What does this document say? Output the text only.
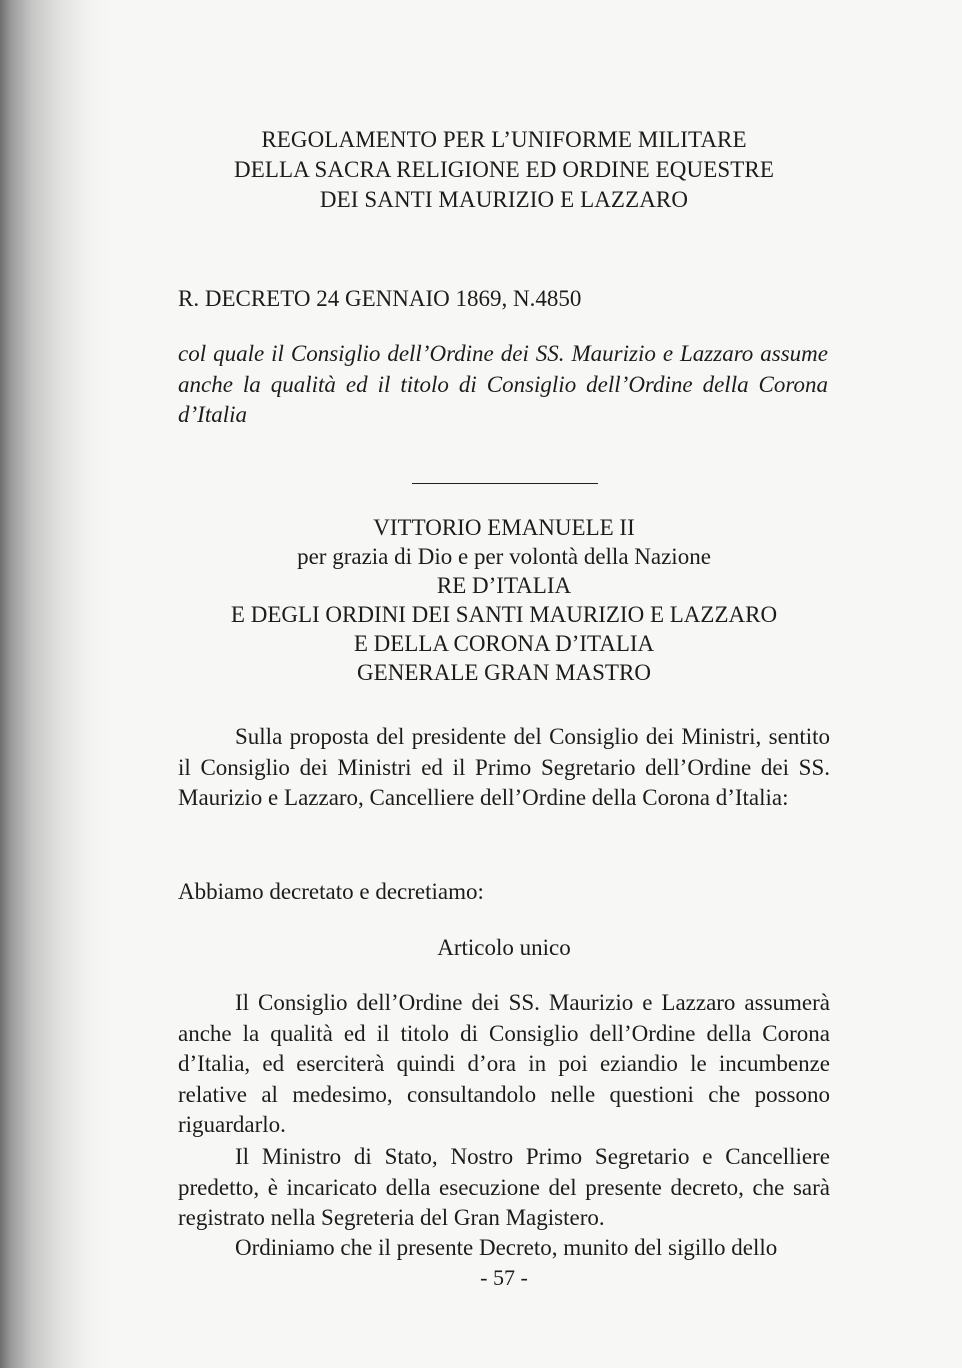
REGOLAMENTO PER L’UNIFORME MILITARE
DELLA SACRA RELIGIONE ED ORDINE EQUESTRE
DEI SANTI MAURIZIO E LAZZARO
R. DECRETO 24 GENNAIO 1869, N.4850
col quale il Consiglio dell’Ordine dei SS. Maurizio e Lazzaro assume anche la qualità ed il titolo di Consiglio dell’Ordine della Corona d’Italia
VITTORIO EMANUELE II
per grazia di Dio e per volontà della Nazione
RE D’ITALIA
E DEGLI ORDINI DEI SANTI MAURIZIO E LAZZARO
E DELLA CORONA D’ITALIA
GENERALE GRAN MASTRO
Sulla proposta del presidente del Consiglio dei Ministri, sentito il Consiglio dei Ministri ed il Primo Segretario dell’Ordine dei SS. Maurizio e Lazzaro, Cancelliere dell’Ordine della Corona d’Italia:
Abbiamo decretato e decretiamo:
Articolo unico
Il Consiglio dell’Ordine dei SS. Maurizio e Lazzaro assumerà anche la qualità ed il titolo di Consiglio dell’Ordine della Corona d’Italia, ed eserciterà quindi d’ora in poi eziandio le incumbenze relative al medesimo, consultandolo nelle questioni che possono riguardarlo.
Il Ministro di Stato, Nostro Primo Segretario e Cancelliere predetto, è incaricato della esecuzione del presente decreto, che sarà registrato nella Segreteria del Gran Magistero.
Ordiniamo che il presente Decreto, munito del sigillo dello
- 57 -
